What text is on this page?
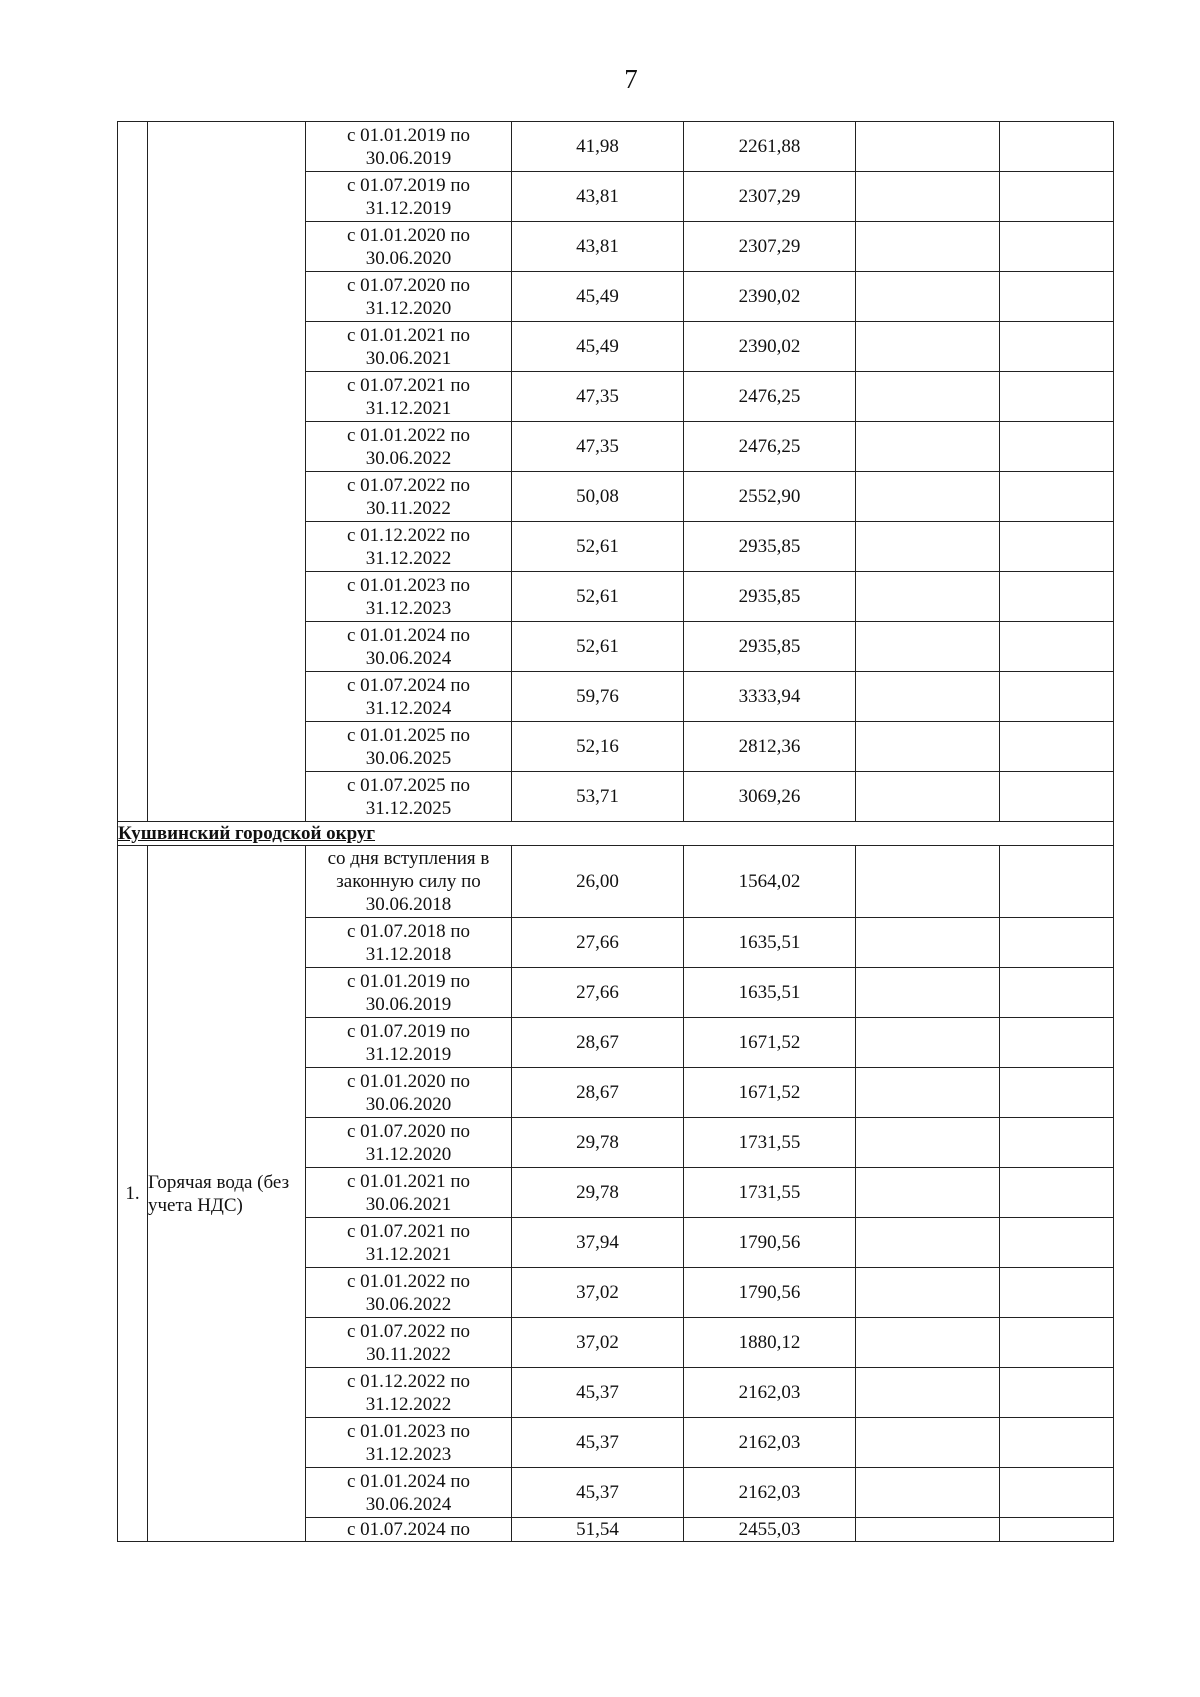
7

		с 01.01.2019 по
30.06.2019	41,98	2261,88		

		с 01.07.2019 по
31.12.2019	43,81	2307,29		

		с 01.01.2020 по
30.06.2020	43,81	2307,29		

		с 01.07.2020 по
31.12.2020	45,49	2390,02		

		с 01.01.2021 по
30.06.2021	45,49	2390,02		

		с 01.07.2021 по
31.12.2021	47,35	2476,25		

		с 01.01.2022 по
30.06.2022	47,35	2476,25		

		с 01.07.2022 по
30.11.2022	50,08	2552,90		

		с 01.12.2022 по
31.12.2022	52,61	2935,85		

		с 01.01.2023 по
31.12.2023	52,61	2935,85		

		с 01.01.2024 по
30.06.2024	52,61	2935,85		

		с 01.07.2024 по
31.12.2024	59,76	3333,94		

		с 01.01.2025 по
30.06.2025	52,16	2812,36		

		с 01.07.2025 по
31.12.2025	53,71	3069,26		
Кушвинский городской округ						
1.	Горячая вода (без учета НДС)	со дня вступления в законную силу по 30.06.2018	26,00	1564,02		

		с 01.07.2018 по
31.12.2018	27,66	1635,51		

		с 01.01.2019 по
30.06.2019	27,66	1635,51		

		с 01.07.2019 по
31.12.2019	28,67	1671,52		

		с 01.01.2020 по
30.06.2020	28,67	1671,52		

		с 01.07.2020 по
31.12.2020	29,78	1731,55		

		с 01.01.2021 по
30.06.2021	29,78	1731,55		

		с 01.07.2021 по
31.12.2021	37,94	1790,56		

		с 01.01.2022 по
30.06.2022	37,02	1790,56		

		с 01.07.2022 по
30.11.2022	37,02	1880,12		

		с 01.12.2022 по
31.12.2022	45,37	2162,03		

		с 01.01.2023 по
31.12.2023	45,37	2162,03		

		с 01.01.2024 по
30.06.2024	45,37	2162,03		

		с 01.07.2024 по	51,54	2455,03		
